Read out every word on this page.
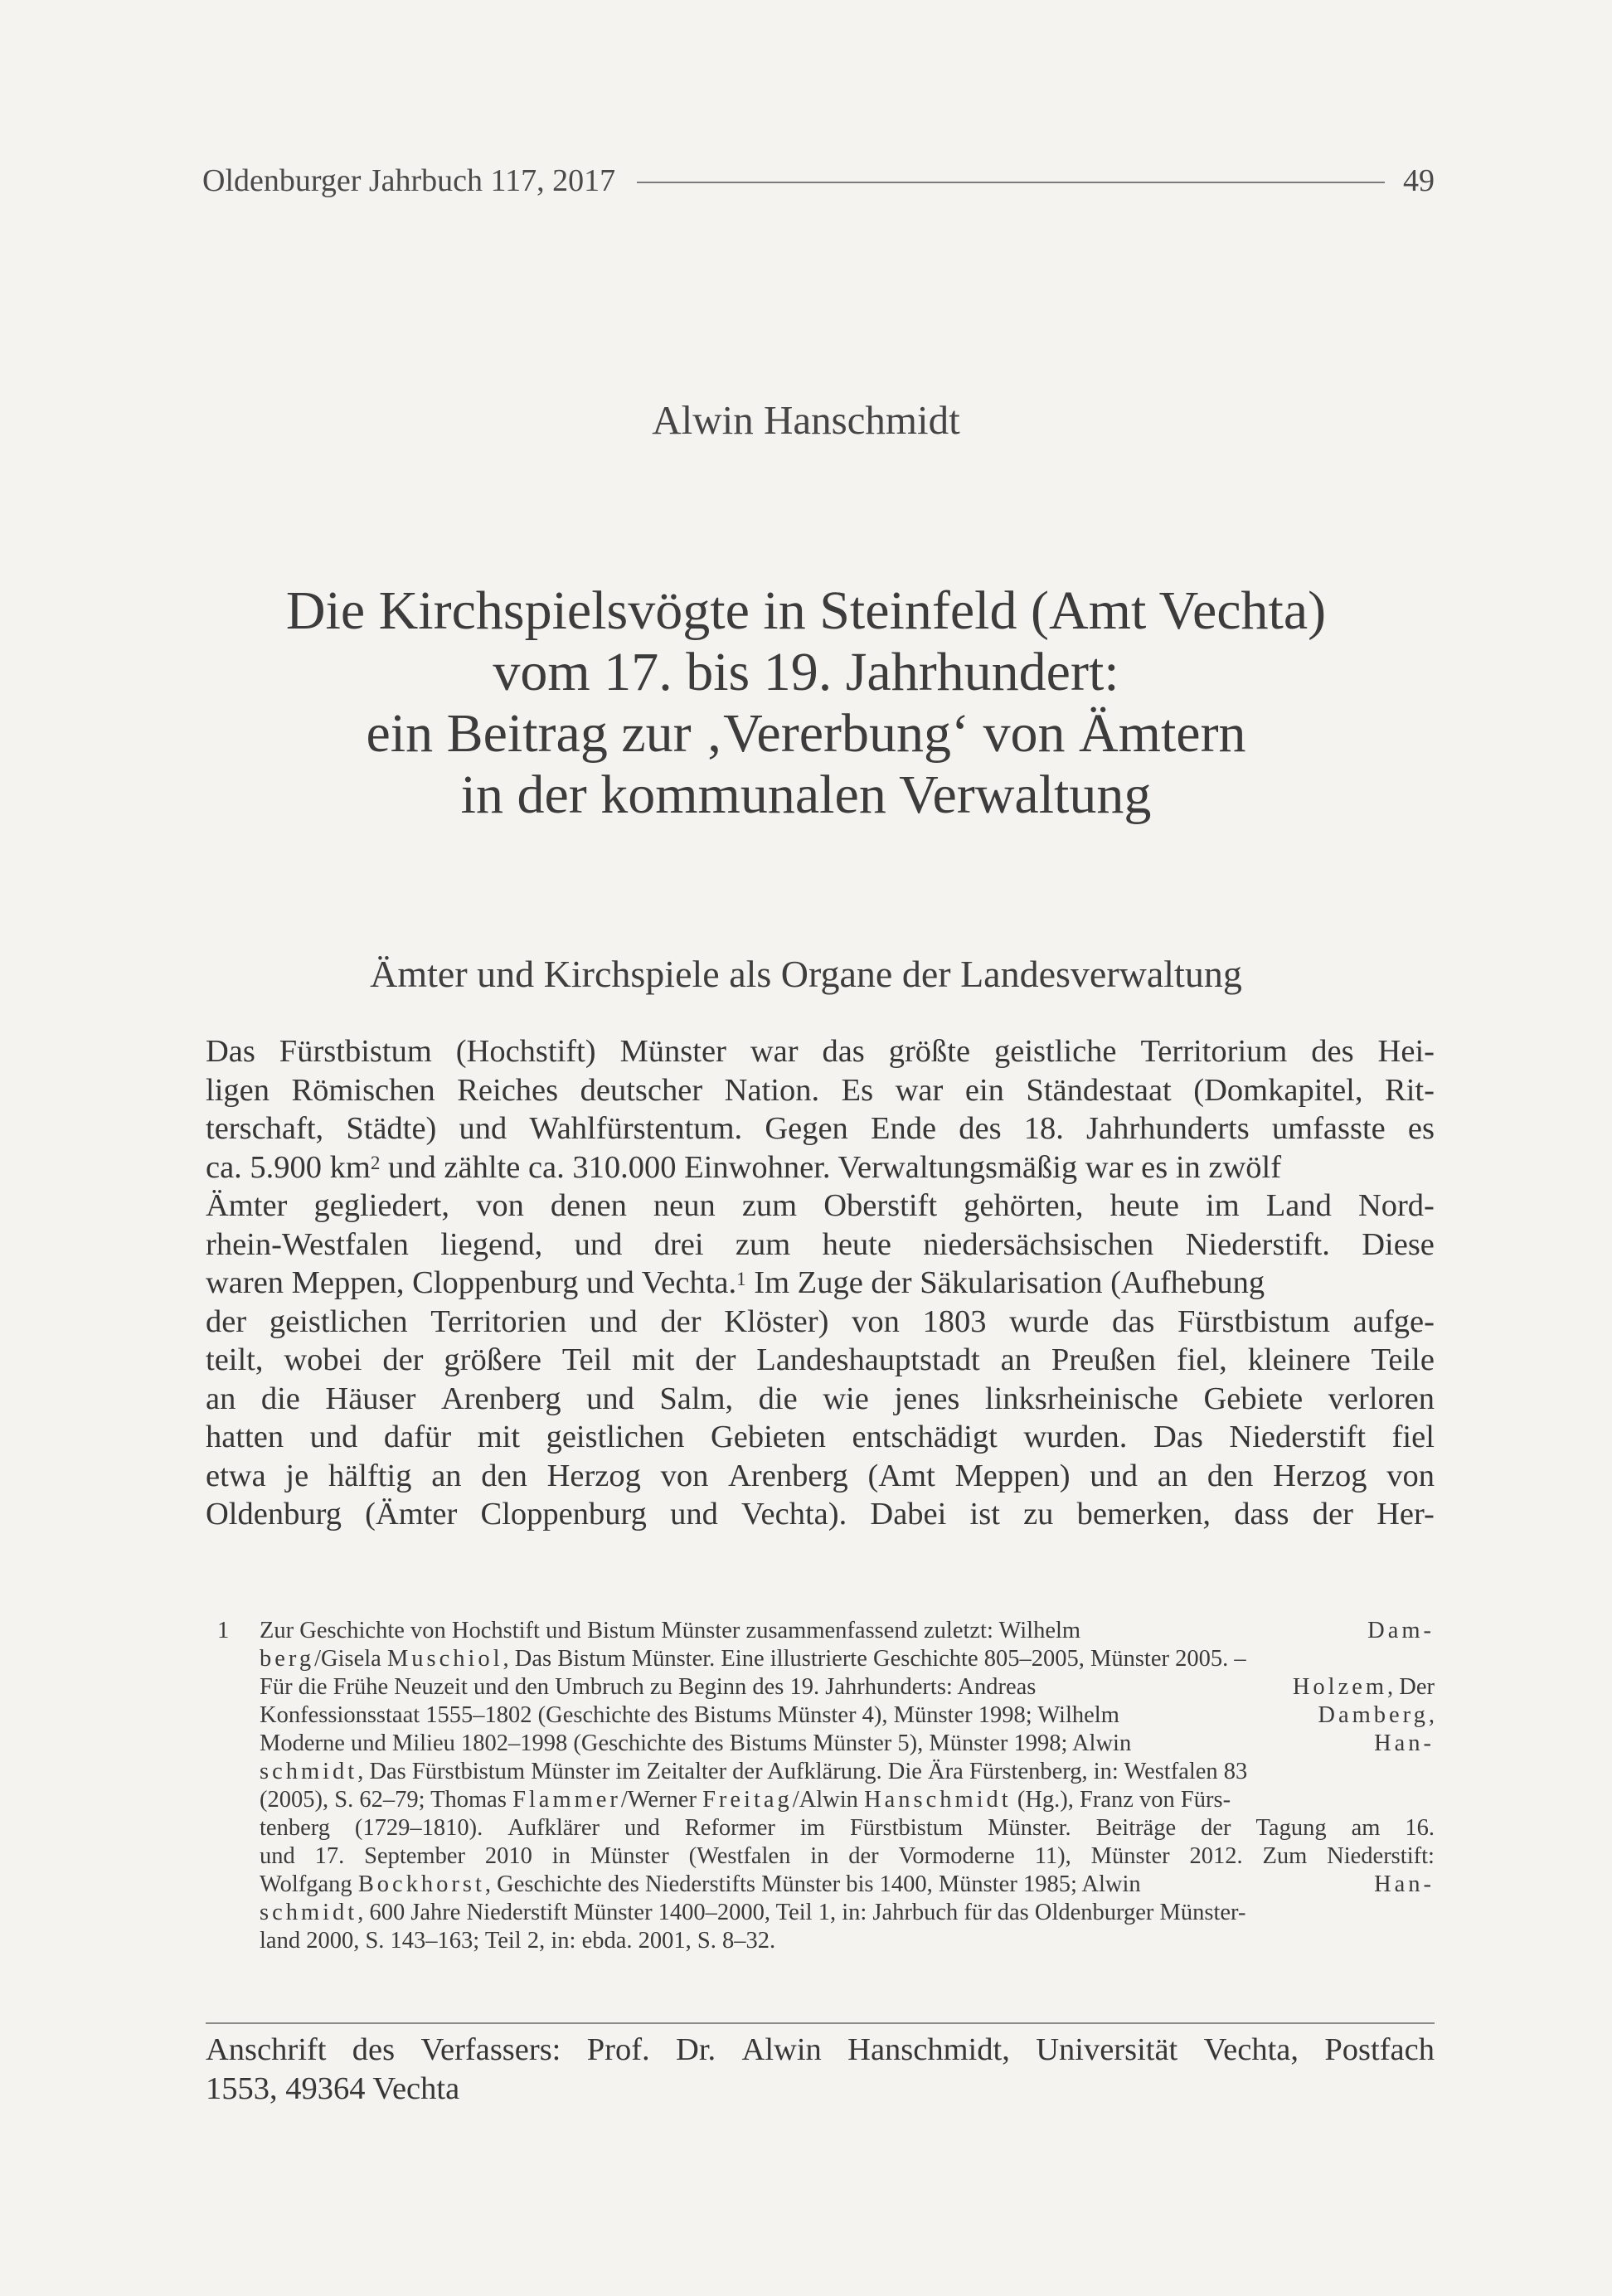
Oldenburger Jahrbuch 117, 2017	49
Alwin Hanschmidt
Die Kirchspielsvögte in Steinfeld (Amt Vechta)
vom 17. bis 19. Jahrhundert:
ein Beitrag zur ‚Vererbung‘ von Ämtern
in der kommunalen Verwaltung
Ämter und Kirchspiele als Organe der Landesverwaltung
Das Fürstbistum (Hochstift) Münster war das größte geistliche Territorium des Hei-
ligen Römischen Reiches deutscher Nation. Es war ein Ständestaat (Domkapitel, Rit-
terschaft, Städte) und Wahlfürstentum. Gegen Ende des 18. Jahrhunderts umfasste es
ca. 5.900 $km^2$ und zählte ca. 310.000 Einwohner. Verwaltungsmäßig war es in zwölf
Ämter gegliedert, von denen neun zum Oberstift gehörten, heute im Land Nord-
rhein-Westfalen liegend, und drei zum heute niedersächsischen Niederstift. Diese
waren Meppen, Cloppenburg und Vechta.$^1$ Im Zuge der Säkularisation (Aufhebung
der geistlichen Territorien und der Klöster) von 1803 wurde das Fürstbistum aufge-
teilt, wobei der größere Teil mit der Landeshauptstadt an Preußen fiel, kleinere Teile
an die Häuser Arenberg und Salm, die wie jenes linksrheinische Gebiete verloren
hatten und dafür mit geistlichen Gebieten entschädigt wurden. Das Niederstift fiel
etwa je hälftig an den Herzog von Arenberg (Amt Meppen) und an den Herzog von
Oldenburg (Ämter Cloppenburg und Vechta). Dabei ist zu bemerken, dass der Her-
1 Zur Geschichte von Hochstift und Bistum Münster zusammenfassend zuletzt: Wilhelm	Dam-
berg/Gisela Muschiol, Das Bistum Münster. Eine illustrierte Geschichte 805–2005, Münster 2005. –
Für die Frühe Neuzeit und den Umbruch zu Beginn des 19. Jahrhunderts: Andreas	Holzem, Der
Konfessionsstaat 1555–1802 (Geschichte des Bistums Münster 4), Münster 1998; Wilhelm	Damberg,
Moderne und Milieu 1802–1998 (Geschichte des Bistums Münster 5), Münster 1998; Alwin	Han-
schmidt, Das Fürstbistum Münster im Zeitalter der Aufklärung. Die Ära Fürstenberg, in: Westfalen 83
(2005), S. 62–79; Thomas Flammer/Werner Freitag/Alwin Hanschmidt (Hg.), Franz von Fürs-
tenberg (1729–1810). Aufklärer und Reformer im Fürstbistum Münster. Beiträge der Tagung am 16.
und 17. September 2010 in Münster (Westfalen in der Vormoderne 11), Münster 2012. Zum Niederstift:
Wolfgang Bockhorst, Geschichte des Niederstifts Münster bis 1400, Münster 1985; Alwin	Han-
schmidt, 600 Jahre Niederstift Münster 1400–2000, Teil 1, in: Jahrbuch für das Oldenburger Münster-
land 2000, S. 143–163; Teil 2, in: ebda. 2001, S. 8–32.
Anschrift des Verfassers: Prof. Dr. Alwin Hanschmidt, Universität Vechta, Postfach
1553, 49364 Vechta
